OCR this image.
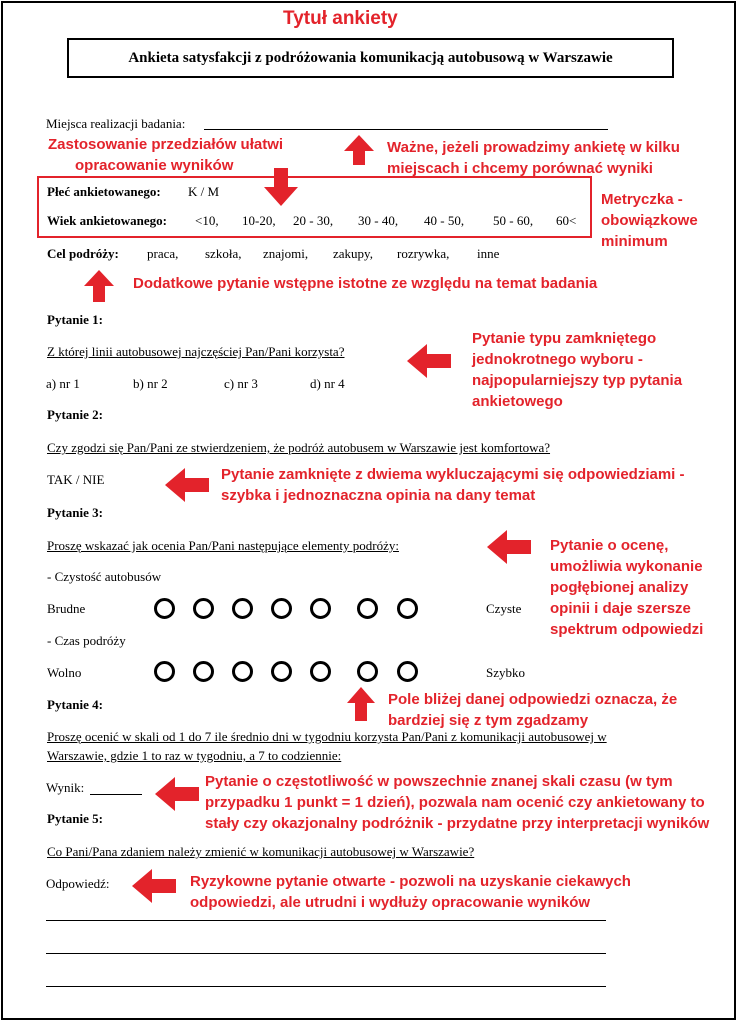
Tytuł ankiety
Ankieta satysfakcji z podróżowania komunikacją autobusową w Warszawie
Miejsca realizacji badania:
Zastosowanie przedziałów ułatwi
opracowanie wyników
Ważne, jeżeli prowadzimy ankietę w kilku
miejscach i chcemy porównać wyniki
Płeć ankietowanego: K / M
Wiek ankietowanego: <10, 10-20, 20 - 30, 30 - 40, 40 - 50, 50 - 60, 60<
Metryczka -
obowiązkowe
minimum
Cel podróży: praca, szkoła, znajomi, zakupy, rozrywka, inne
Dodatkowe pytanie wstępne istotne ze względu na temat badania
Pytanie 1:
Z której linii autobusowej najczęściej Pan/Pani korzysta?
a) nr 1	b) nr 2	c) nr 3	d) nr 4
Pytanie typu zamkniętego
jednokrotnego wyboru -
najpopularniejszy typ pytania
ankietowego
Pytanie 2:
Czy zgodzi się Pan/Pani ze stwierdzeniem, że podróż autobusem w Warszawie jest komfortowa?
TAK / NIE	Pytanie zamknięte z dwiema wykluczającymi się odpowiedziami -
szybka i jednoznaczna opinia na dany temat
Pytanie 3:
Proszę wskazać jak ocenia Pan/Pani następujące elementy podróży:	Pytanie o ocenę,
umożliwia wykonanie
pogłębionej analizy
opinii i daje szersze
spektrum odpowiedzi
- Czystość autobusów
Brudne	Czyste
- Czas podróży
Wolno	Szybko
Pole bliżej danej odpowiedzi oznacza, że
bardziej się z tym zgadzamy
Pytanie 4:
Proszę ocenić w skali od 1 do 7 ile średnio dni w tygodniu korzysta Pan/Pani z komunikacji autobusowej w
Warszawie, gdzie 1 to raz w tygodniu, a 7 to codziennie:
Wynik:	Pytanie o częstotliwość w powszechnie znanej skali czasu (w tym
przypadku 1 punkt = 1 dzień), pozwala nam ocenić czy ankietowany to
stały czy okazjonalny podróżnik - przydatne przy interpretacji wyników
Pytanie 5:
Co Pani/Pana zdaniem należy zmienić w komunikacji autobusowej w Warszawie?
Odpowiedź:	Ryzykowne pytanie otwarte - pozwoli na uzyskanie ciekawych
odpowiedzi, ale utrudni i wydłuży opracowanie wyników
